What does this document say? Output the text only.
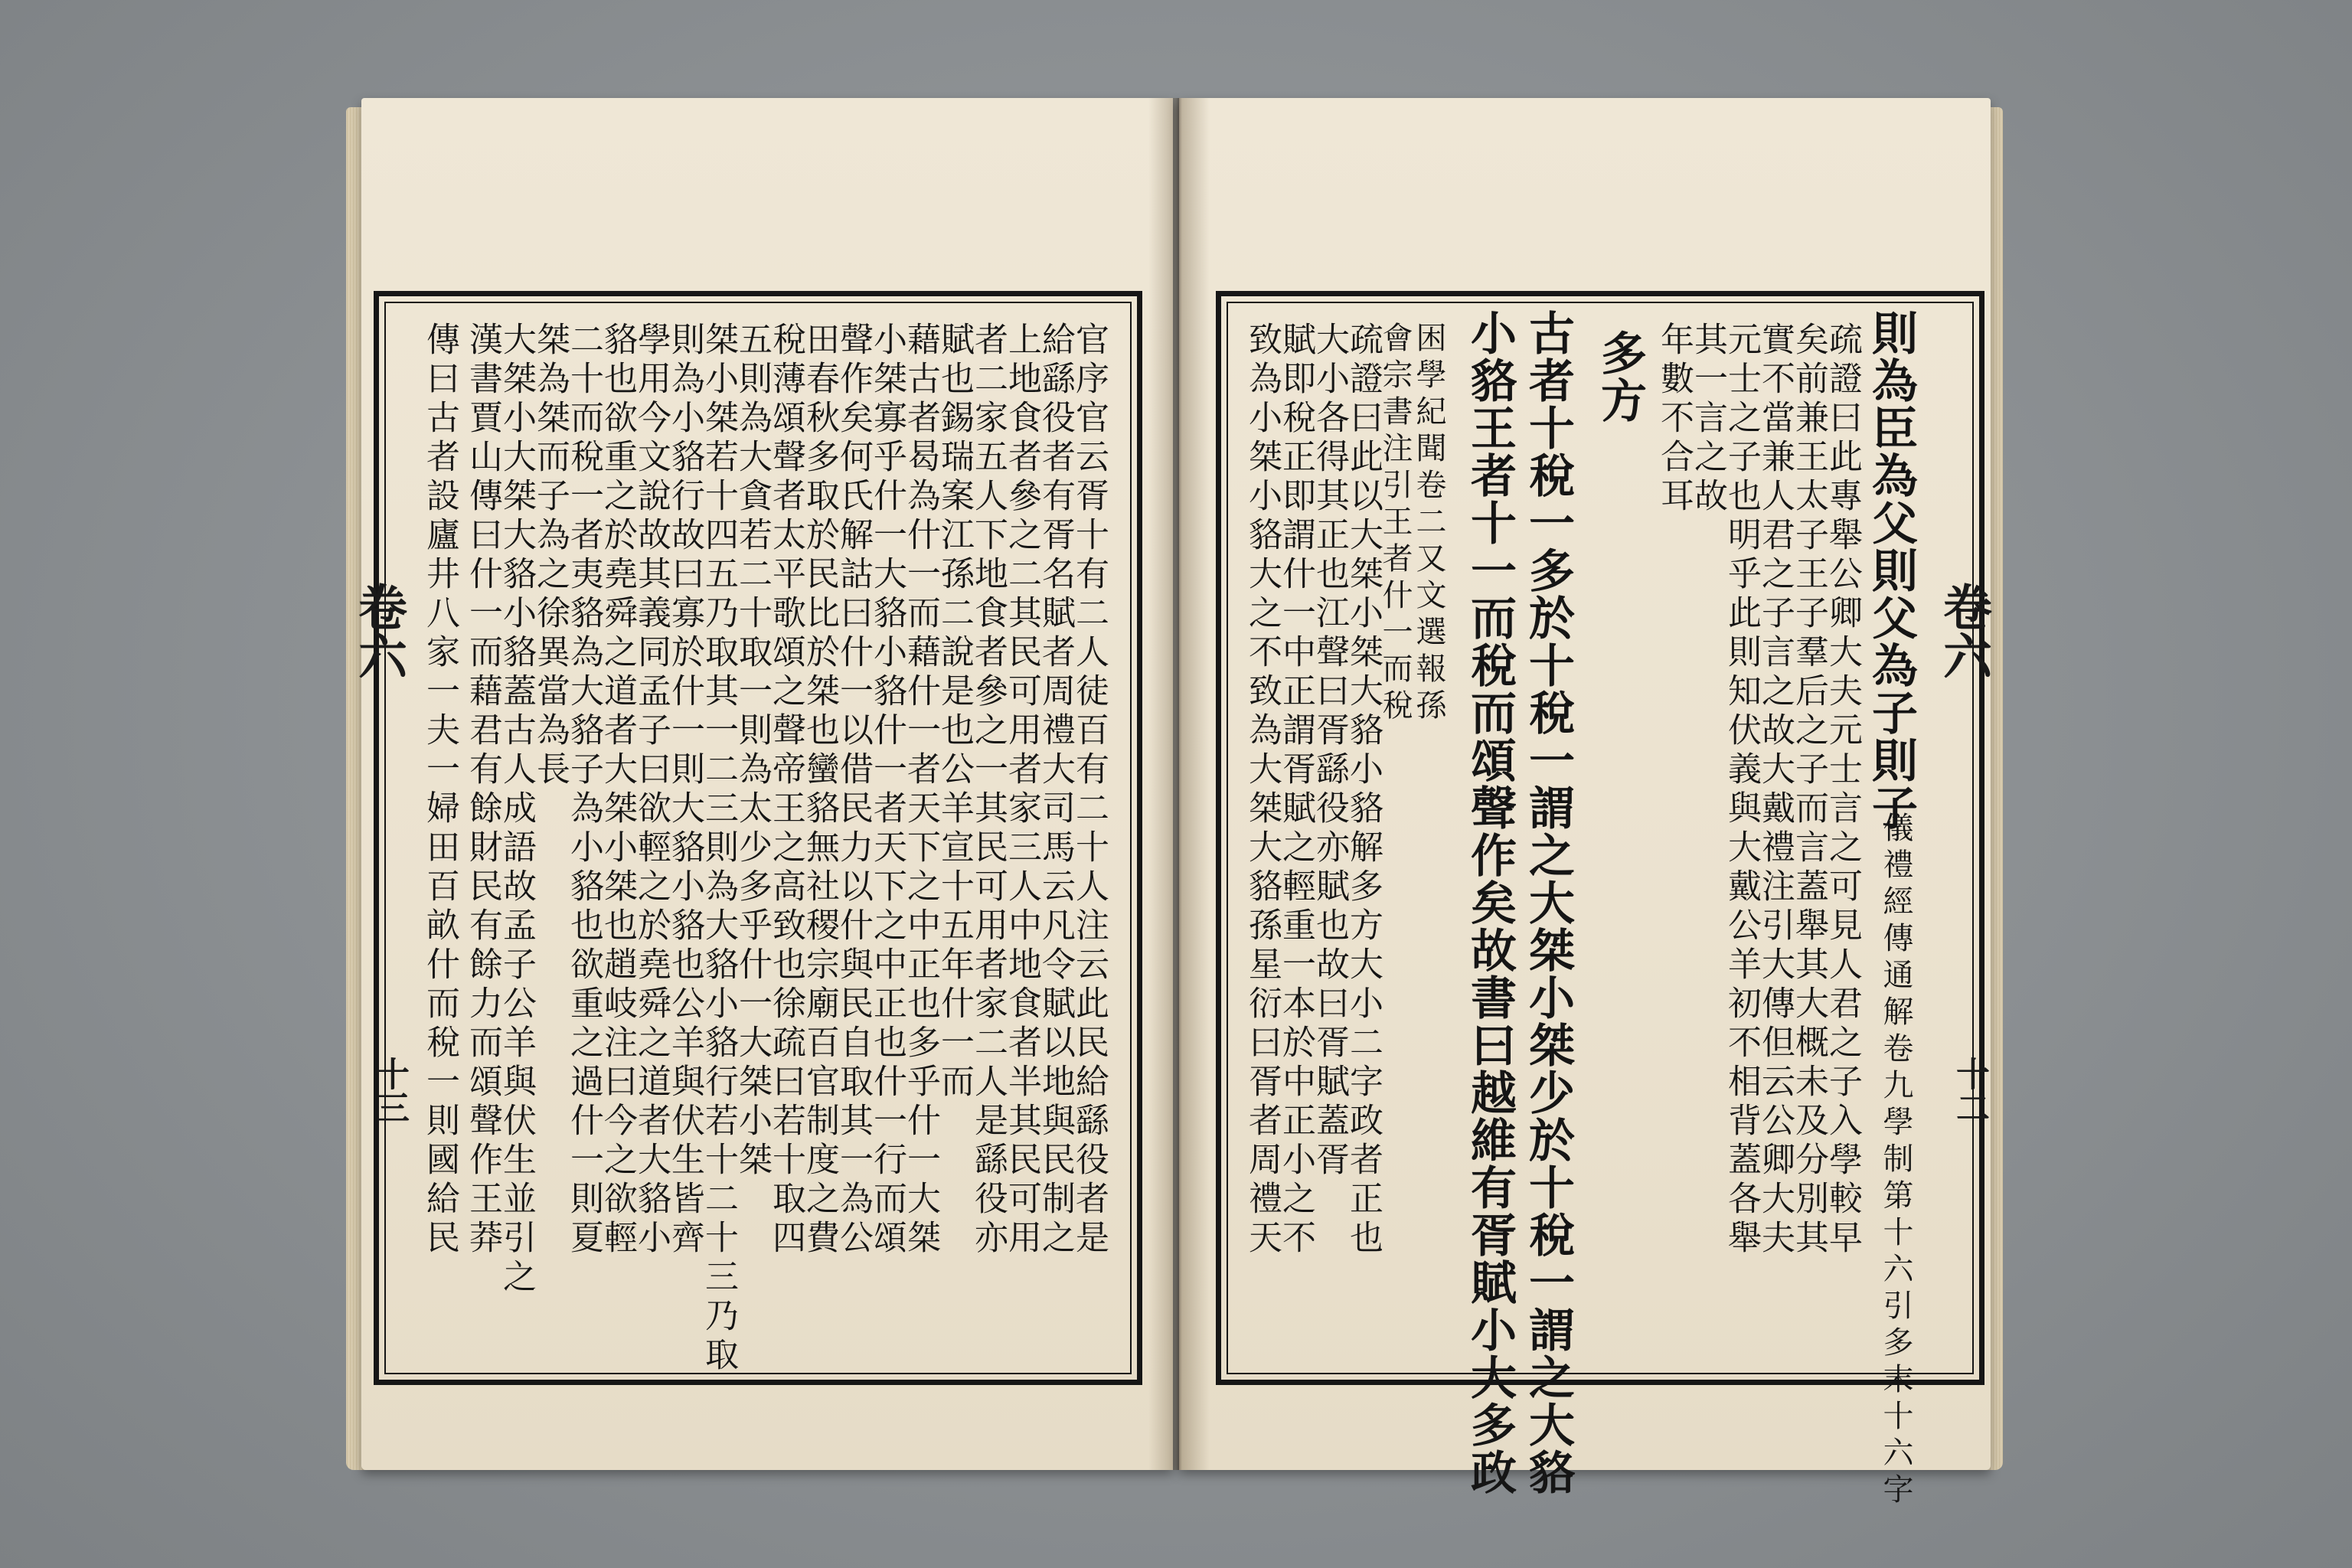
官序官云胥十有二人徒百有二十人注云此民給繇役者是
給繇役者有胥名賦者周禮大司馬云凡令賦以地與民制之
上地食者參之二其民可用者家三人中地食者半其民可用
者二家五人下地食者參之一其民可用者家二人是繇役亦
賦也錫瑞案江孫二說是也公羊宣十五年什一而
藉古者曷為什一而藉什一者天下之中正也多乎什一大桀
小桀寡乎什一大貉小貉什一者天下之中正也什一行而頌
聲作矣何氏解詁曰什一以借民力以什與民自取其一為公
田春秋多取於民比於桀也蠻貉無社稷宗廟百官制度之費
稅薄頌聲者太平歌頌之聲帝王之高致也徐疏曰若十取四
五則為大貪若二十取一則為太少多乎什一大桀小桀
桀小桀若十四五乃取其一二三則為大貉小貉行若十二十三乃取
則為小貉行故曰寡於什一則大貉小貉也公羊與伏生皆齊
學用今文說故其義同孟子曰欲輕之於堯舜之道者大貉小
貉也欲重之於堯舜之道者大桀小桀也趙岐注曰今之欲輕
二十而稅一者夷貉為大貉子為小貉也欲重之過什一則夏
桀為桀而子為之徐異當為長
大桀小大桀大貉小貉蓋古人成語故孟子公羊與伏生並引之
漢書賈山傳曰什一而藉君有餘財民有餘力而頌聲作王莽
傳曰古者設廬井八家一夫一婦田百畝什而稅一則國給民
卷六
十三
則為臣為父則父為子則子
儀禮經傳通解卷九學制第十六引多末十六字
疏證曰此專舉公卿大夫元士言之可見人君之子入學較早
矣前兼王太子王子羣后之子而言蓋舉其大概未及分別其
實不當兼人君之子言之故大戴禮注引大傳但云公卿大夫
元士之子也明乎此則知伏義與大戴公羊初不相背蓋各舉
其一言之故
年數不合耳
多方
古者十稅一多於十稅一謂之大桀小桀少於十稅一謂之大貉
小貉王者十一而稅而頌聲作矣故書曰越維有胥賦小大多政
困學紀聞卷二又文選報孫
會宗書注引王者什一而稅
疏證曰此以大桀小桀大貉小貉解多方大小二字政者正也
大小各得其正也江聲曰胥繇役亦賦也故曰胥賦蓋胥
賦即稅正即謂什一中正謂胥賦之輕重一本於中正小之不
致為小桀小貉大之不致為大桀大貉孫星衍曰胥者周禮天	卷六
十二
